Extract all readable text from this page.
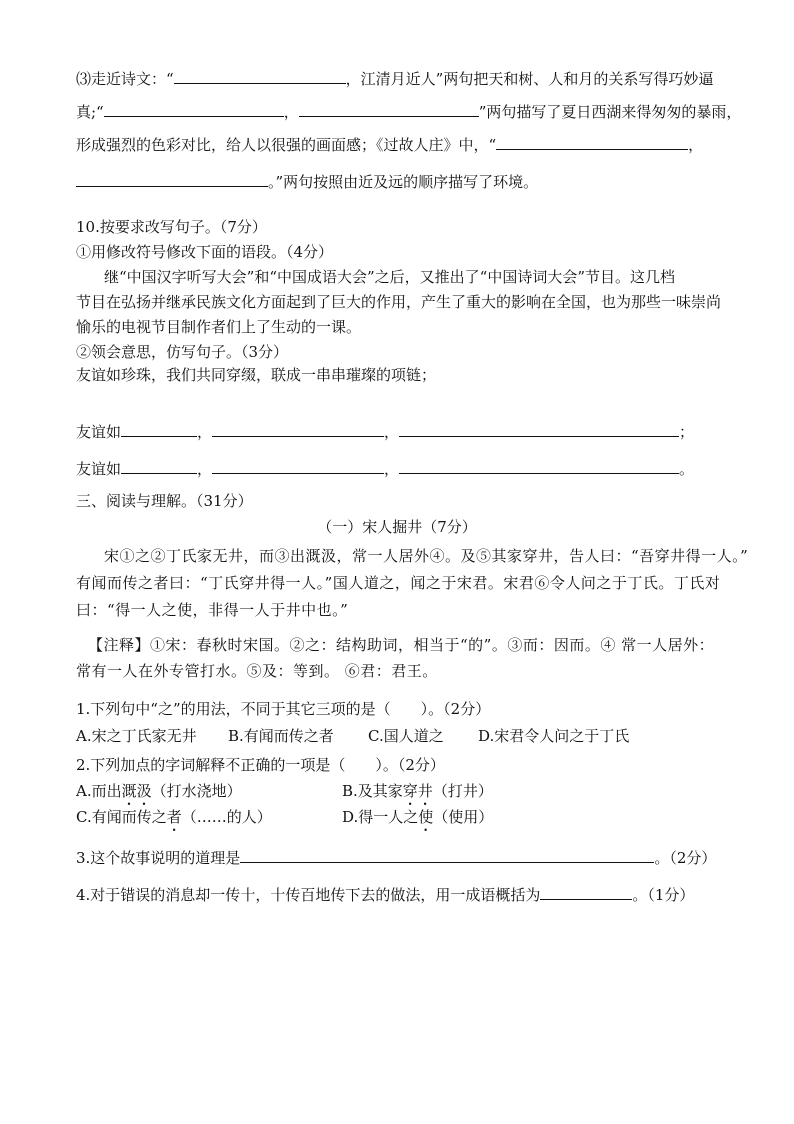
⑶走近诗文：“	，江清月近人”两句把天和树、人和月的关系写得巧妙逼
真;“	，	”两句描写了夏日西湖来得匆匆的暴雨，
形成强烈的色彩对比，给人以很强的画面感；《过故人庄》中，“	，
。”两句按照由近及远的顺序描写了环境。
10.按要求改写句子。（7分）
①用修改符号修改下面的语段。（4分）
继“中国汉字听写大会”和“中国成语大会”之后，又推出了“中国诗词大会”节目。这几档
节目在弘扬并继承民族文化方面起到了巨大的作用，产生了重大的影响在全国，也为那些一味崇尚
愉乐的电视节目制作者们上了生动的一课。
②领会意思，仿写句子。（3分）
友谊如珍珠，我们共同穿缀，联成一串串璀璨的项链；
友谊如	，	，	；
友谊如	，	，	。
三、阅读与理解。（31分）
（一）宋人掘井（7分）
宋①之②丁氏家无井，而③出溉汲，常一人居外④。及⑤其家穿井，告人曰：“吾穿井得一人。”
有闻而传之者曰：“丁氏穿井得一人。”国人道之，闻之于宋君。宋君⑥令人问之于丁氏。丁氏对
曰：“得一人之使，非得一人于井中也。”
【注释】①宋：春秋时宋国。②之：结构助词，相当于“的”。③而：因而。④ 常一人居外：
常有一人在外专管打水。⑤及：等到。 ⑥君：君王。
1.下列句中“之”的用法，不同于其它三项的是（　　）。（2分）
A.宋之丁氏家无井 B.有闻而传之者 C.国人道之 D.宋君令人问之于丁氏
2.下列加点的字词解释不正确的一项是（　　）。（2分）
A.而出溉汲（打水浇地）	B.及其家穿井（打井）
C.有闻而传之者（……的人）	D.得一人之使（使用）
3.这个故事说明的道理是	。（2分）
4.对于错误的消息却一传十，十传百地传下去的做法，用一成语概括为	。（1分）
